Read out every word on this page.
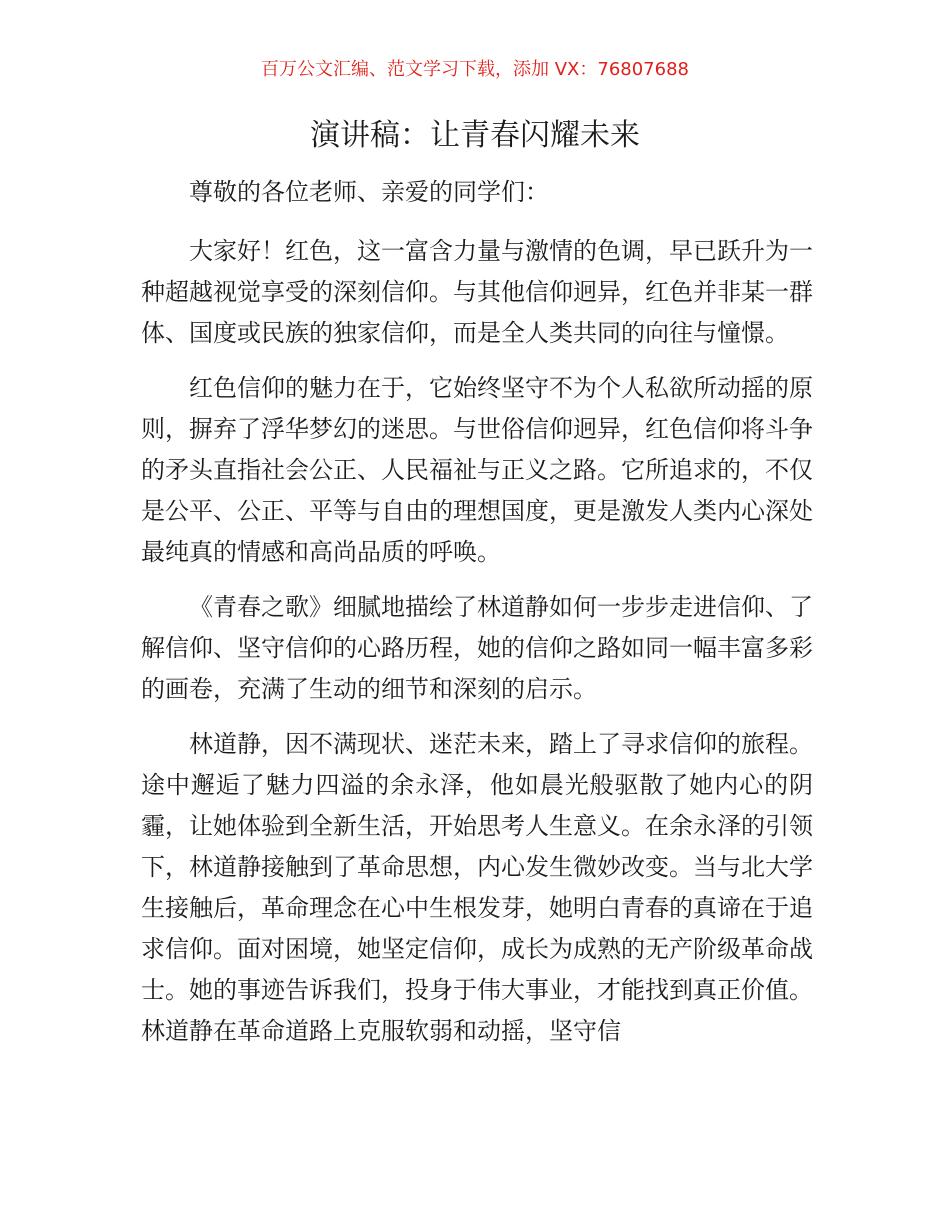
百万公文汇编、范文学习下载，添加 VX：76807688
演讲稿：让青春闪耀未来

尊敬的各位老师、亲爱的同学们：

大家好！红色，这一富含力量与激情的色调，早已跃升为一种超越视觉享受的深刻信仰。与其他信仰迥异，红色并非某一群体、国度或民族的独家信仰，而是全人类共同的向往与憧憬。

红色信仰的魅力在于，它始终坚守不为个人私欲所动摇的原则，摒弃了浮华梦幻的迷思。与世俗信仰迥异，红色信仰将斗争的矛头直指社会公正、人民福祉与正义之路。它所追求的，不仅是公平、公正、平等与自由的理想国度，更是激发人类内心深处最纯真的情感和高尚品质的呼唤。

《青春之歌》细腻地描绘了林道静如何一步步走进信仰、了解信仰、坚守信仰的心路历程，她的信仰之路如同一幅丰富多彩的画卷，充满了生动的细节和深刻的启示。

林道静，因不满现状、迷茫未来，踏上了寻求信仰的旅程。途中邂逅了魅力四溢的余永泽，他如晨光般驱散了她内心的阴霾，让她体验到全新生活，开始思考人生意义。在余永泽的引领下，林道静接触到了革命思想，内心发生微妙改变。当与北大学生接触后，革命理念在心中生根发芽，她明白青春的真谛在于追求信仰。面对困境，她坚定信仰，成长为成熟的无产阶级革命战士。她的事迹告诉我们，投身于伟大事业，才能找到真正价值。林道静在革命道路上克服软弱和动摇，坚守信
